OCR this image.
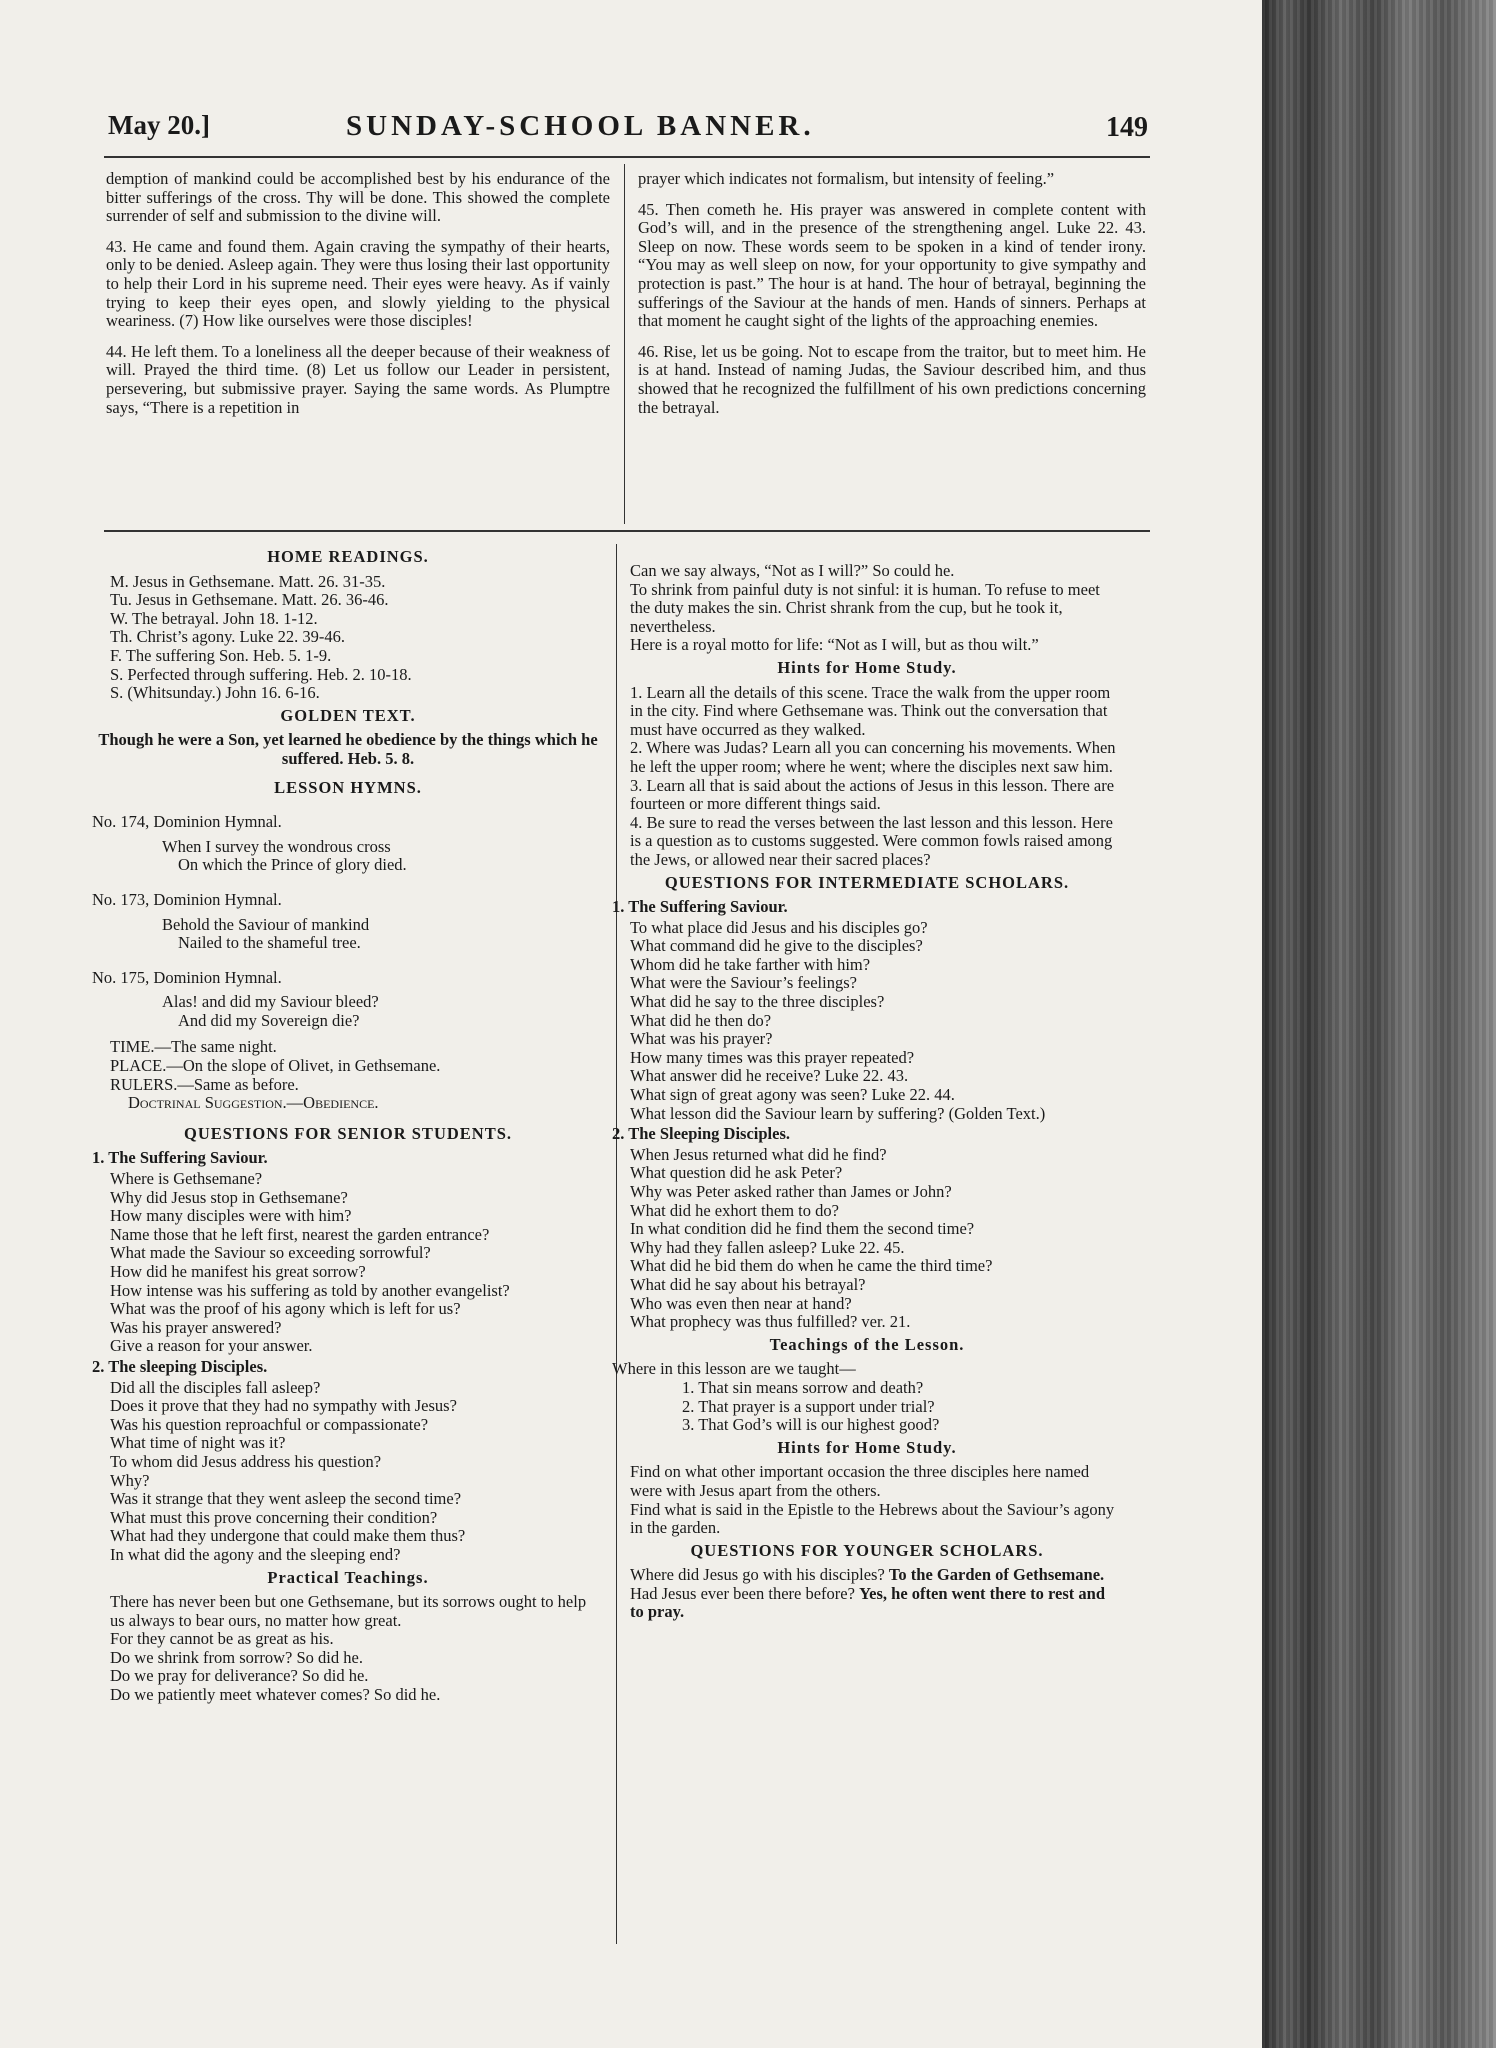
May 20.]	SUNDAY-SCHOOL BANNER.	149

demption of mankind could be accomplished best by his endurance of the bitter sufferings of the cross. Thy will be done. This showed the complete surrender of self and submission to the divine will.

43. He came and found them. Again craving the sympathy of their hearts, only to be denied. Asleep again. They were thus losing their last opportunity to help their Lord in his supreme need. Their eyes were heavy. As if vainly trying to keep their eyes open, and slowly yielding to the physical weariness. (7) How like ourselves were those disciples!

44. He left them. To a loneliness all the deeper because of their weakness of will. Prayed the third time. (8) Let us follow our Leader in persistent, persevering, but submissive prayer. Saying the same words. As Plumptre says, “There is a repetition in

prayer which indicates not formalism, but intensity of feeling.”

45. Then cometh he. His prayer was answered in complete content with God’s will, and in the presence of the strengthening angel. Luke 22. 43. Sleep on now. These words seem to be spoken in a kind of tender irony. “You may as well sleep on now, for your opportunity to give sympathy and protection is past.” The hour is at hand. The hour of betrayal, beginning the sufferings of the Saviour at the hands of men. Hands of sinners. Perhaps at that moment he caught sight of the lights of the approaching enemies.

46. Rise, let us be going. Not to escape from the traitor, but to meet him. He is at hand. Instead of naming Judas, the Saviour described him, and thus showed that he recognized the fulfillment of his own predictions concerning the betrayal.

HOME READINGS.
M. Jesus in Gethsemane. Matt. 26. 31-35.
Tu. Jesus in Gethsemane. Matt. 26. 36-46.
W. The betrayal. John 18. 1-12.
Th. Christ’s agony. Luke 22. 39-46.
F. The suffering Son. Heb. 5. 1-9.
S. Perfected through suffering. Heb. 2. 10-18.
S. (Whitsunday.) John 16. 6-16.
GOLDEN TEXT.
Though he were a Son, yet learned he obedience by the things which he suffered. Heb. 5. 8.
LESSON HYMNS.
No. 174, Dominion Hymnal.
When I survey the wondrous cross
On which the Prince of glory died.
No. 173, Dominion Hymnal.
Behold the Saviour of mankind
Nailed to the shameful tree.
No. 175, Dominion Hymnal.
Alas! and did my Saviour bleed?
And did my Sovereign die?
TIME.—The same night.
PLACE.—On the slope of Olivet, in Gethsemane.
RULERS.—Same as before.
Doctrinal Suggestion.—Obedience.
QUESTIONS FOR SENIOR STUDENTS.
1. The Suffering Saviour.
Where is Gethsemane?
Why did Jesus stop in Gethsemane?
How many disciples were with him?
Name those that he left first, nearest the garden entrance?
What made the Saviour so exceeding sorrowful?
How did he manifest his great sorrow?
How intense was his suffering as told by another evangelist?
What was the proof of his agony which is left for us?
Was his prayer answered?
Give a reason for your answer.
2. The sleeping Disciples.
Did all the disciples fall asleep?
Does it prove that they had no sympathy with Jesus?
Was his question reproachful or compassionate?
What time of night was it?
To whom did Jesus address his question?
Why?
Was it strange that they went asleep the second time?
What must this prove concerning their condition?
What had they undergone that could make them thus?
In what did the agony and the sleeping end?
Practical Teachings.
There has never been but one Gethsemane, but its sorrows ought to help us always to bear ours, no matter how great.
For they cannot be as great as his.
Do we shrink from sorrow? So did he.
Do we pray for deliverance? So did he.
Do we patiently meet whatever comes? So did he.
Can we say always, “Not as I will?” So could he.
To shrink from painful duty is not sinful: it is human. To refuse to meet the duty makes the sin. Christ shrank from the cup, but he took it, nevertheless.
Here is a royal motto for life: “Not as I will, but as thou wilt.”
Hints for Home Study.
1. Learn all the details of this scene. Trace the walk from the upper room in the city. Find where Gethsemane was. Think out the conversation that must have occurred as they walked.
2. Where was Judas? Learn all you can concerning his movements. When he left the upper room; where he went; where the disciples next saw him.
3. Learn all that is said about the actions of Jesus in this lesson. There are fourteen or more different things said.
4. Be sure to read the verses between the last lesson and this lesson. Here is a question as to customs suggested. Were common fowls raised among the Jews, or allowed near their sacred places?
QUESTIONS FOR INTERMEDIATE SCHOLARS.
1. The Suffering Saviour.
To what place did Jesus and his disciples go?
What command did he give to the disciples?
Whom did he take farther with him?
What were the Saviour’s feelings?
What did he say to the three disciples?
What did he then do?
What was his prayer?
How many times was this prayer repeated?
What answer did he receive? Luke 22. 43.
What sign of great agony was seen? Luke 22. 44.
What lesson did the Saviour learn by suffering? (Golden Text.)
2. The Sleeping Disciples.
When Jesus returned what did he find?
What question did he ask Peter?
Why was Peter asked rather than James or John?
What did he exhort them to do?
In what condition did he find them the second time?
Why had they fallen asleep? Luke 22. 45.
What did he bid them do when he came the third time?
What did he say about his betrayal?
Who was even then near at hand?
What prophecy was thus fulfilled? ver. 21.
Teachings of the Lesson.
Where in this lesson are we taught—
1. That sin means sorrow and death?
2. That prayer is a support under trial?
3. That God’s will is our highest good?
Hints for Home Study.
Find on what other important occasion the three disciples here named were with Jesus apart from the others.
Find what is said in the Epistle to the Hebrews about the Saviour’s agony in the garden.
QUESTIONS FOR YOUNGER SCHOLARS.
Where did Jesus go with his disciples? To the Garden of Gethsemane.
Had Jesus ever been there before? Yes, he often went there to rest and to pray.
